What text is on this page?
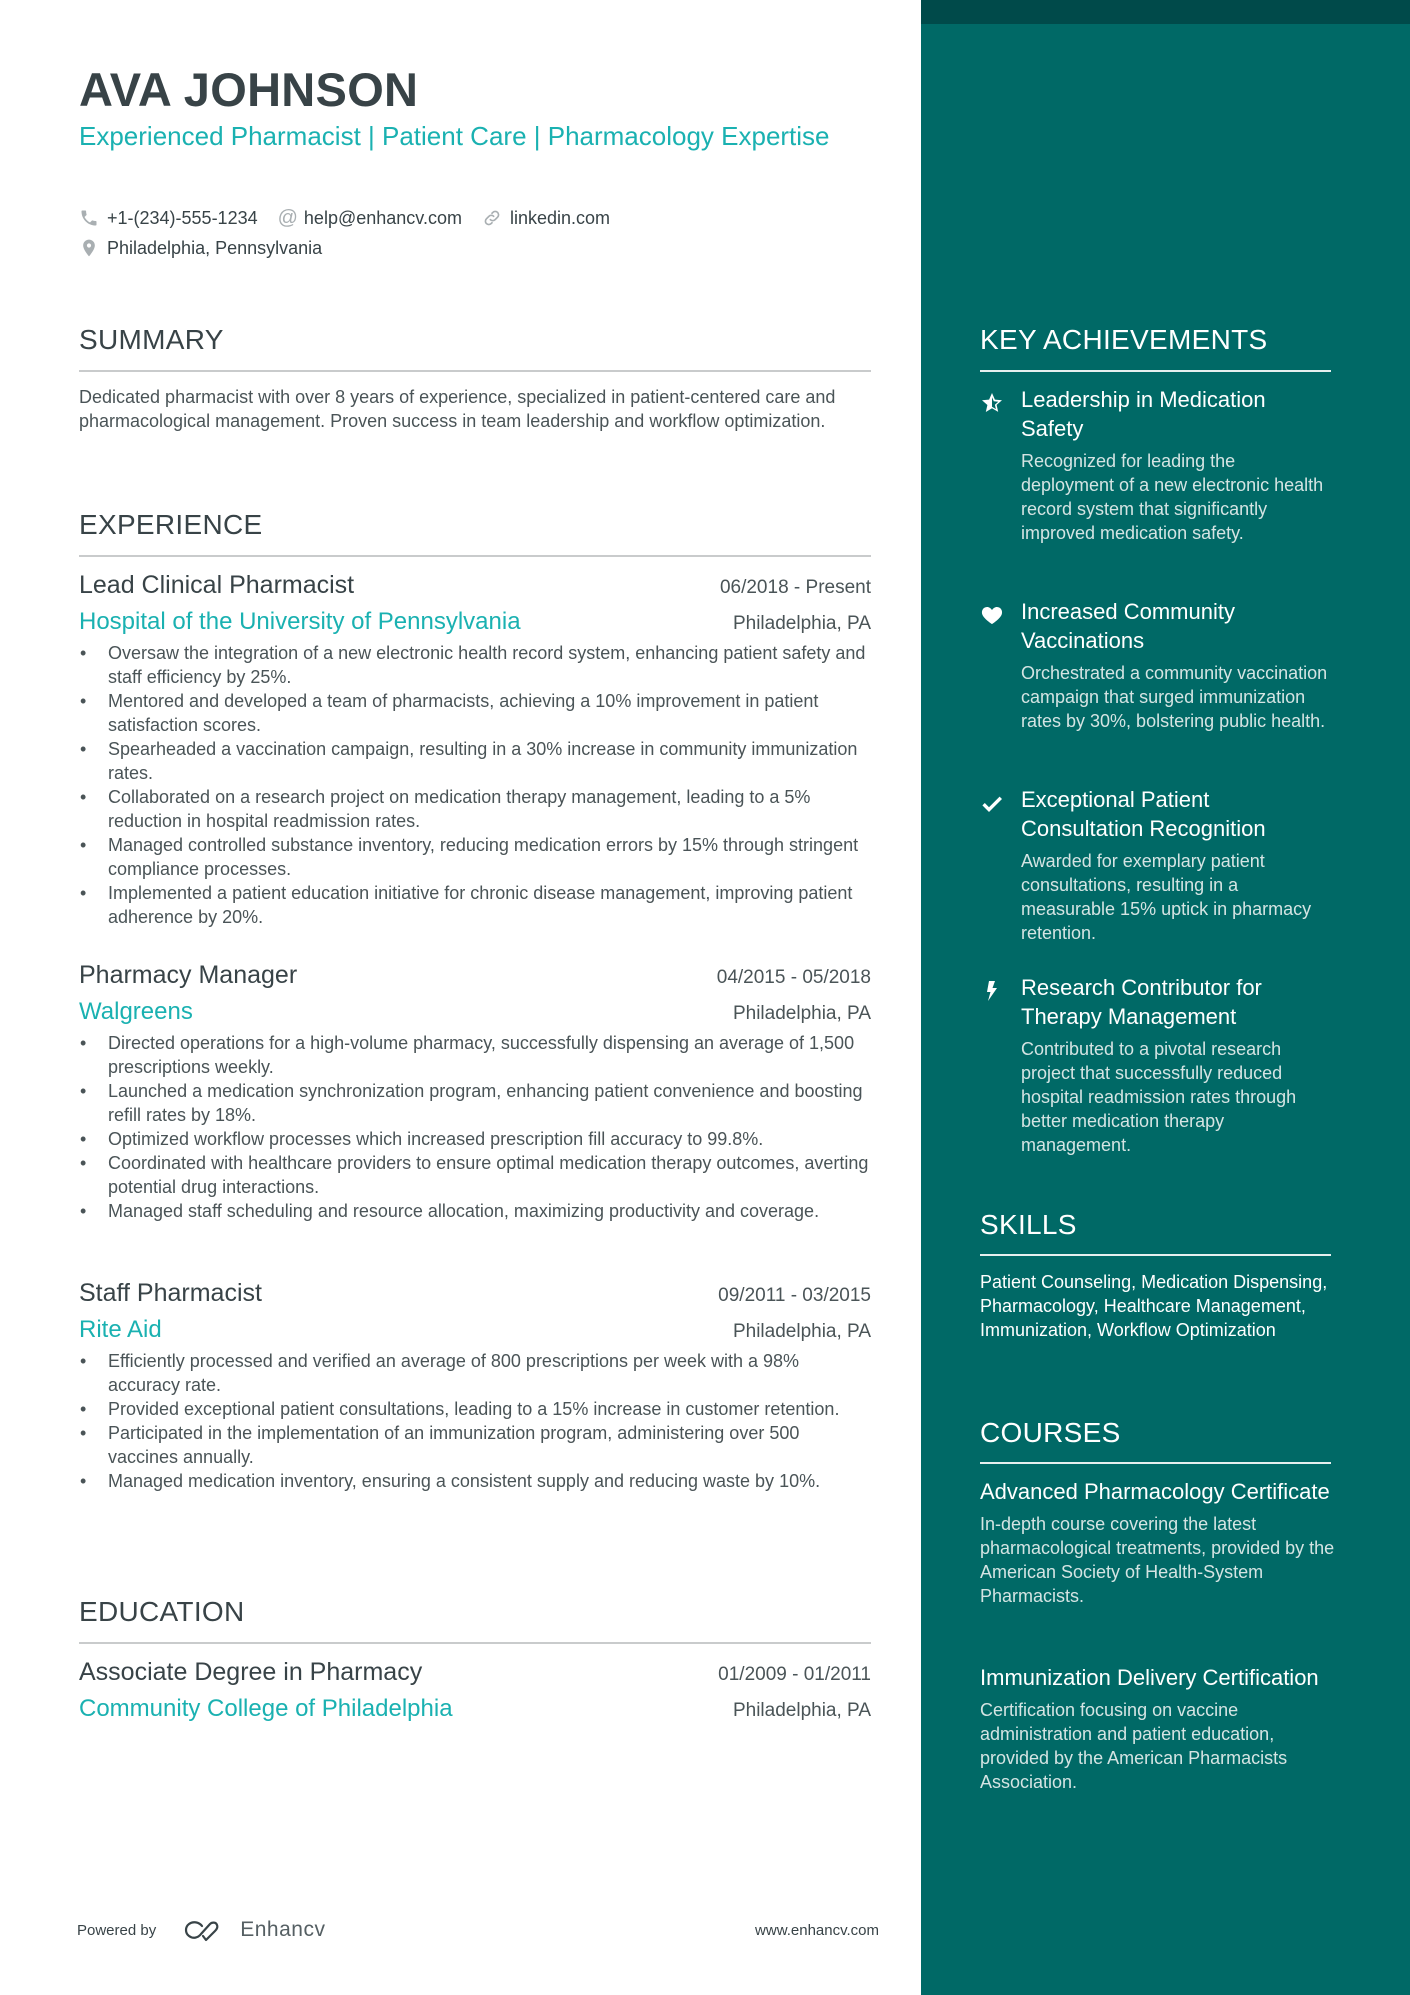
AVA JOHNSON
Experienced Pharmacist | Patient Care | Pharmacology Expertise
+1-(234)-555-1234 @ help@enhancv.com	linkedin.com
Philadelphia, Pennsylvania
SUMMARY
Dedicated pharmacist with over 8 years of experience, specialized in patient-centered care and pharmacological management. Proven success in team leadership and workflow optimization.
EXPERIENCE
Lead Clinical Pharmacist	06/2018 - Present
Hospital of the University of Pennsylvania	Philadelphia, PA
• Oversaw the integration of a new electronic health record system, enhancing patient safety and staff efficiency by 25%.
• Mentored and developed a team of pharmacists, achieving a 10% improvement in patient satisfaction scores.
• Spearheaded a vaccination campaign, resulting in a 30% increase in community immunization rates.
• Collaborated on a research project on medication therapy management, leading to a 5% reduction in hospital readmission rates.
• Managed controlled substance inventory, reducing medication errors by 15% through stringent compliance processes.
• Implemented a patient education initiative for chronic disease management, improving patient adherence by 20%.
Pharmacy Manager	04/2015 - 05/2018
Walgreens	Philadelphia, PA
• Directed operations for a high-volume pharmacy, successfully dispensing an average of 1,500 prescriptions weekly.
• Launched a medication synchronization program, enhancing patient convenience and boosting refill rates by 18%.
• Optimized workflow processes which increased prescription fill accuracy to 99.8%.
• Coordinated with healthcare providers to ensure optimal medication therapy outcomes, averting potential drug interactions.
• Managed staff scheduling and resource allocation, maximizing productivity and coverage.
Staff Pharmacist	09/2011 - 03/2015
Rite Aid	Philadelphia, PA
• Efficiently processed and verified an average of 800 prescriptions per week with a 98% accuracy rate.
• Provided exceptional patient consultations, leading to a 15% increase in customer retention.
• Participated in the implementation of an immunization program, administering over 500 vaccines annually.
• Managed medication inventory, ensuring a consistent supply and reducing waste by 10%.
EDUCATION
Associate Degree in Pharmacy	01/2009 - 01/2011
Community College of Philadelphia	Philadelphia, PA
Powered by	Enhancv	www.enhancv.com
KEY ACHIEVEMENTS
Leadership in Medication Safety
Recognized for leading the deployment of a new electronic health record system that significantly improved medication safety.
Increased Community Vaccinations
Orchestrated a community vaccination campaign that surged immunization rates by 30%, bolstering public health.
Exceptional Patient Consultation Recognition
Awarded for exemplary patient consultations, resulting in a measurable 15% uptick in pharmacy retention.
Research Contributor for Therapy Management
Contributed to a pivotal research project that successfully reduced hospital readmission rates through better medication therapy management.
SKILLS
Patient Counseling, Medication Dispensing, Pharmacology, Healthcare Management, Immunization, Workflow Optimization
COURSES
Advanced Pharmacology Certificate
In-depth course covering the latest pharmacological treatments, provided by the American Society of Health-System Pharmacists.
Immunization Delivery Certification
Certification focusing on vaccine administration and patient education, provided by the American Pharmacists Association.
